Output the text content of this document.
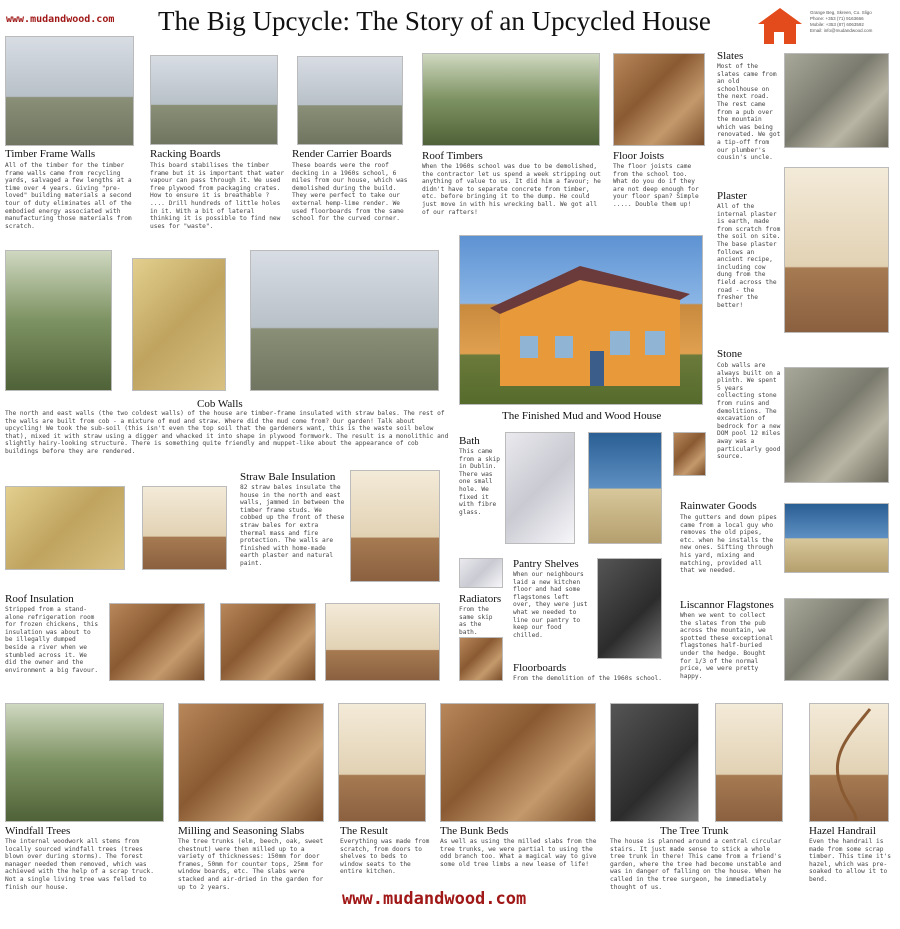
www.mudandwood.com The Big Upcycle: The Story of an Upcycled House	Grange Beg, Skreen, Co. Sligo
Phone: +353 (71) 9163666
Mobile: +353 (87) 6063592
Email: info@mudandwood.com
Timber Frame Walls
All of the timber for the timber frame walls came from recycling yards, salvaged a few lengths at a time over 4 years. Giving "pre-loved" building materials a second tour of duty eliminates all of the embodied energy associated with manufacturing those materials from scratch.
Racking Boards
This board stabilises the timber frame but it is important that water vapour can pass through it. We used free plywood from packaging crates. How to ensure it is breathable ? .... Drill hundreds of little holes in it. With a bit of lateral thinking it is possible to find new uses for "waste".
Render Carrier Boards
These boards were the roof decking in a 1960s school, 6 miles from our house, which was demolished during the build. They were perfect to take our external hemp-lime render. We used floorboards from the same school for the curved corner.
Roof Timbers
When the 1960s school was due to be demolished, the contractor let us spend a week stripping out anything of value to us. It did him a favour; he didn't have to separate concrete from timber, etc. before bringing it to the dump. He could just move in with his wrecking ball. We got all of our rafters!
Floor Joists
The floor joists came from the school too. What do you do if they are not deep enough for your floor span? Simple ..... Double them up!
Slates
Most of the slates came from an old schoolhouse on the next road. The rest came from a pub over the mountain which was being renovated. We got a tip-off from our plumber's cousin's uncle.
Plaster
All of the internal plaster is earth, made from scratch from the soil on site. The base plaster follows an ancient recipe, including cow dung from the field across the road - the fresher the better!
The Finished Mud and Wood House
Cob Walls
The north and east walls (the two coldest walls) of the house are timber-frame insulated with straw bales. The rest of the walls are built from cob - a mixture of mud and straw. Where did the mud come from? Our garden! Talk about upcycling! We took the sub-soil (this isn't even the top soil that the gardeners want, this is the waste soil below that), mixed it with straw using a digger and whacked it into shape in plywood formwork. The result is a monolithic and slightly hairy-looking structure. There is something quite friendly and muppet-like about the appearance of cob buildings before they are rendered.
Stone
Cob walls are always built on a plinth. We spent 5 years collecting stone from ruins and demolitions. The excavation of bedrock for a new DOM pool 12 miles away was a particularly good source.
Straw Bale Insulation
82 straw bales insulate the house in the north and east walls, jammed in between the timber frame studs. We cobbed up the front of these straw bales for extra thermal mass and fire protection. The walls are finished with home-made earth plaster and natural paint.
Bath
This came from a skip in Dublin. There was one small hole. We fixed it with fibre glass.
Rainwater Goods
The gutters and down pipes came from a local guy who removes the old pipes, etc. when he installs the new ones. Sifting through his yard, mixing and matching, provided all that we needed.
Pantry Shelves
When our neighbours laid a new kitchen floor and had some flagstones left over, they were just what we needed to line our pantry to keep our food chilled.
Radiators
From the same skip as the bath.
Floorboards
From the demolition of the 1960s school.
Liscannor Flagstones
When we went to collect the slates from the pub across the mountain, we spotted these exceptional flagstones half-buried under the hedge. Bought for 1/3 of the normal price, we were pretty happy.
Roof Insulation
Stripped from a stand-alone refrigeration room for frozen chickens, this insulation was about to be illegally dumped beside a river when we stumbled across it. We did the owner and the environment a big favour.
Windfall Trees
The internal woodwork all stems from locally sourced windfall trees (trees blown over during storms). The forest manager needed them removed, which was achieved with the help of a scrap truck. Not a single living tree was felled to finish our house.
Milling and Seasoning Slabs
The tree trunks (elm, beech, oak, sweet chestnut) were then milled up to a variety of thicknesses: 150mm for door frames, 50mm for counter tops, 25mm for window boards, etc. The slabs were stacked and air-dried in the garden for up to 2 years.
The Result
Everything was made from scratch, from doors to shelves to beds to window seats to the entire kitchen.
The Bunk Beds
As well as using the milled slabs from the tree trunks, we were partial to using the odd branch too. What a magical way to give some old tree limbs a new lease of life!
The Tree Trunk
The house is planned around a central circular stairs. It just made sense to stick a whole tree trunk in there! This came from a friend's garden, where the tree had become unstable and was in danger of falling on the house. When he called in the tree surgeon, he immediately thought of us.
Hazel Handrail
Even the handrail is made from some scrap timber. This time it's hazel, which was pre-soaked to allow it to bend.
www.mudandwood.com
